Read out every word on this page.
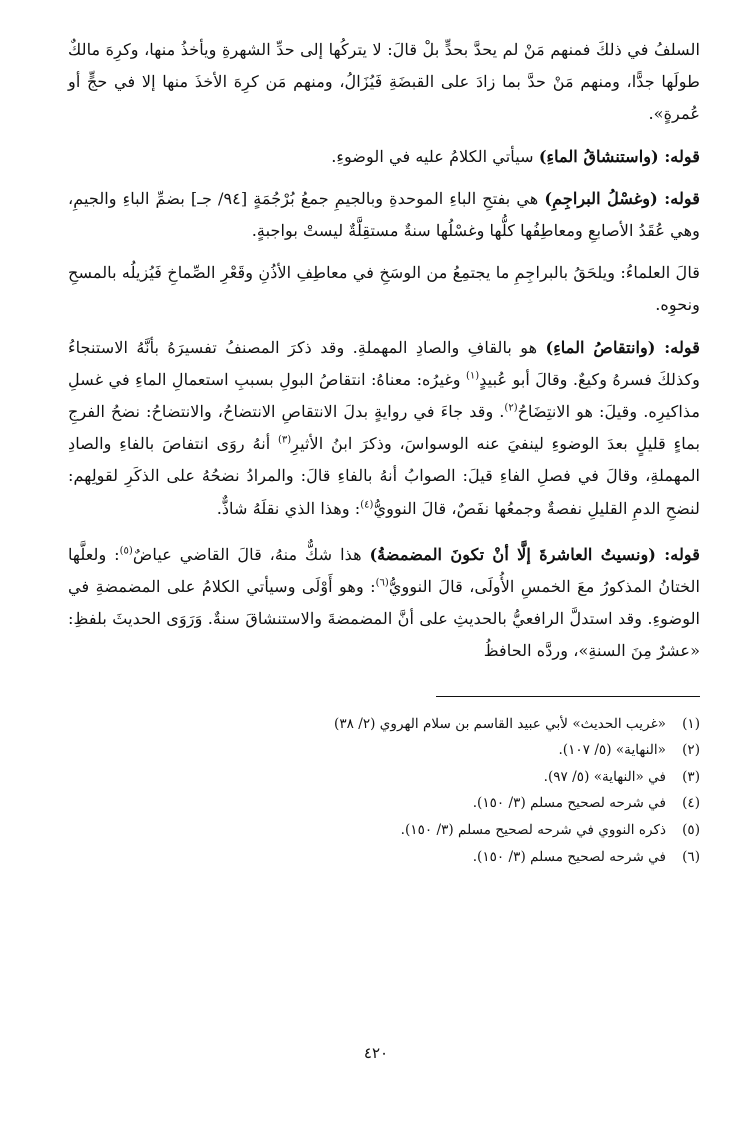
السلفُ في ذلكَ فمنهم مَنْ لم يحدَّ بحدٍّ بلْ قالَ: لا يتركُها إلى حدِّ الشهرةِ ويأخذُ منها، وكرِهَ مالكٌ طولَها جدًّا، ومنهم مَنْ حدَّ بما زادَ على القبضَةِ فَيُزَالُ، ومنهم مَن كرِهَ الأخذَ منها إلا في حجٍّ أو عُمرةٍ».

قوله: (واستنشاقُ الماءِ) سيأتي الكلامُ عليه في الوضوءِ.

قوله: (وغسْلُ البراجِمِ) هي بفتحِ الباءِ الموحدةِ وبالجيمِ جمعُ بُرْجُمَةٍ [٩٤/ جـ] بضمِّ الباءِ والجيمِ، وهي عُقَدُ الأصابعِ ومعاطِفُها كلُّها وغسْلُها سنةٌ مستقِلَّةٌ ليستْ بواجبةٍ.

قالَ العلماءُ: ويلحَقُ بالبراجِمِ ما يجتمِعُ من الوسَخِ في معاطِفِ الأذُنِ وقَعْرِ الصِّماخِ فَيُزيلُه بالمسحِ ونحوِه.

قوله: (وانتقاصُ الماءِ) هو بالقافِ والصادِ المهملةِ. وقد ذكرَ المصنفُ تفسيرَهُ بأنَّهُ الاستنجاءُ وكذلكَ فسرهُ وكيعٌ. وقالَ أبو عُبيدٍ$^{(١)}$ وغيرُه: معناهُ: انتقاصُ البولِ بسببِ استعمالِ الماءِ في غسلِ مذاكيرِه. وقيلَ: هو الانتِضَاحُ$^{(٢)}$. وقد جاءَ في روايةٍ بدلَ الانتقاصِ الانتضاحُ، والانتضاحُ: نضحُ الفرجِ بماءٍ قليلٍ بعدَ الوضوءِ لينفيَ عنه الوسواسَ، وذكرَ ابنُ الأثيرِ$^{(٣)}$ أنهُ روَى انتفاصَ بالفاءِ والصادِ المهملةِ، وقالَ في فصلِ الفاءِ قيلَ: الصوابُ أنهُ بالفاءِ قالَ: والمرادُ نضحُهُ على الذكَرِ لقولِهم: لنضحِ الدمِ القليلِ نفصةٌ وجمعُها نفَصٌ، قالَ النوويُّ$^{(٤)}$: وهذا الذي نقلَهُ شاذٌّ.

قوله: (ونسيتُ العاشرةَ إلَّا أنْ تكونَ المضمضةُ) هذا شكٌّ منهُ، قالَ القاضي عياضٌ$^{(٥)}$: ولعلَّها الختانُ المذكورُ معَ الخمسِ الأُولَى، قالَ النوويُّ$^{(٦)}$: وهو أَوْلَى وسيأتي الكلامُ على المضمضةِ في الوضوءِ. وقد استدلَّ الرافعيُّ بالحديثِ على أنَّ المضمضةَ والاستنشاقَ سنةٌ. وَرَوَى الحديثَ بلفظِ: «عشرٌ مِنَ السنةِ»، وردَّه الحافظُ

(١)
«غريب الحديث» لأبي عبيد القاسم بن سلام الهروي (٢/ ٣٨)
(٢)
«النهاية» (٥/ ١٠٧).
(٣)
في «النهاية» (٥/ ٩٧).
(٤)
في شرحه لصحيح مسلم (٣/ ١٥٠).
(٥)
ذكره النووي في شرحه لصحيح مسلم (٣/ ١٥٠).
(٦)
في شرحه لصحيح مسلم (٣/ ١٥٠).
٤٢٠
